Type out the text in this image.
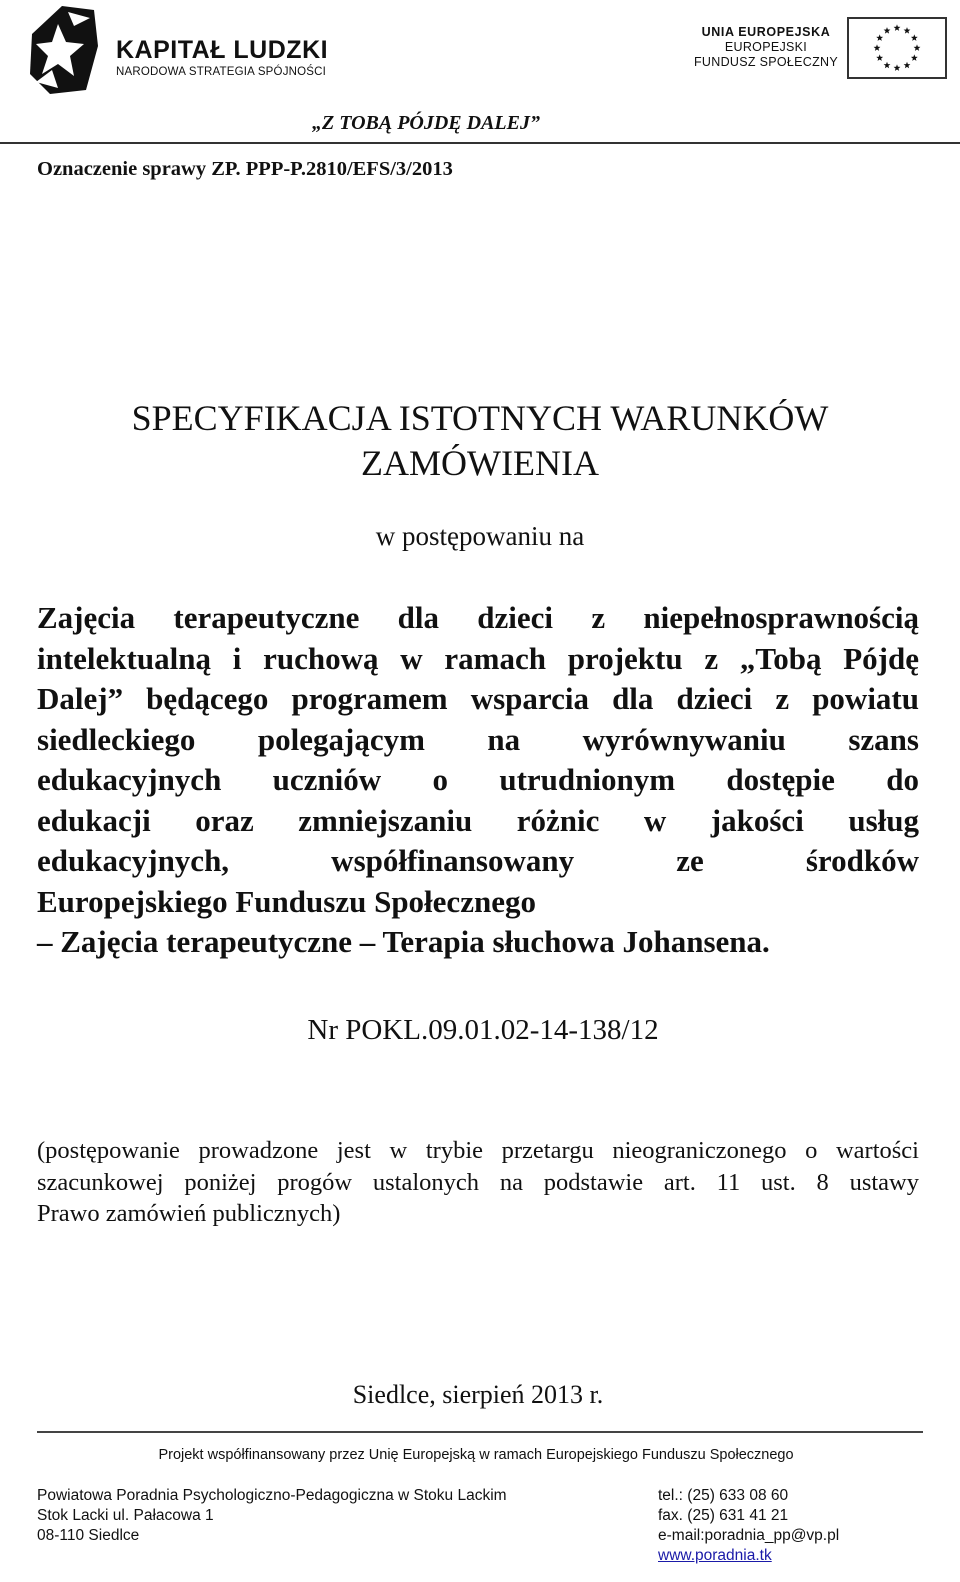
KAPITAŁ LUDZKI
NARODOWA STRATEGIA SPÓJNOŚCI
UNIA EUROPEJSKA
EUROPEJSKI
FUNDUSZ SPOŁECZNY
„Z TOBĄ PÓJDĘ DALEJ”
Oznaczenie sprawy ZP. PPP-P.2810/EFS/3/2013
SPECYFIKACJA ISTOTNYCH WARUNKÓW
ZAMÓWIENIA
w postępowaniu na

Zajęcia terapeutyczne dla dzieci z niepełnosprawnością

intelektualną i ruchową w ramach projektu z „Tobą Pójdę

Dalej” będącego programem wsparcia dla dzieci z powiatu

siedleckiego polegającym na wyrównywaniu szans

edukacyjnych uczniów o utrudnionym dostępie do

edukacji oraz zmniejszaniu różnic w jakości usług

edukacyjnych, współfinansowany ze środków

Europejskiego Funduszu Społecznego

– Zajęcia terapeutyczne – Terapia słuchowa Johansena.

Nr POKL.09.01.02-14-138/12

(postępowanie prowadzone jest w trybie przetargu nieograniczonego o wartości

szacunkowej poniżej progów ustalonych na podstawie art. 11 ust. 8 ustawy

Prawo zamówień publicznych)

Siedlce, sierpień 2013 r.
Projekt współfinansowany przez Unię Europejską w ramach Europejskiego Funduszu Społecznego
Powiatowa Poradnia Psychologiczno-Pedagogiczna w Stoku Lackim
Stok Lacki ul. Pałacowa 1
08-110 Siedlce
tel.: (25) 633 08 60
fax. (25) 631 41 21
e-mail:poradnia_pp@vp.pl
www.poradnia.tk
